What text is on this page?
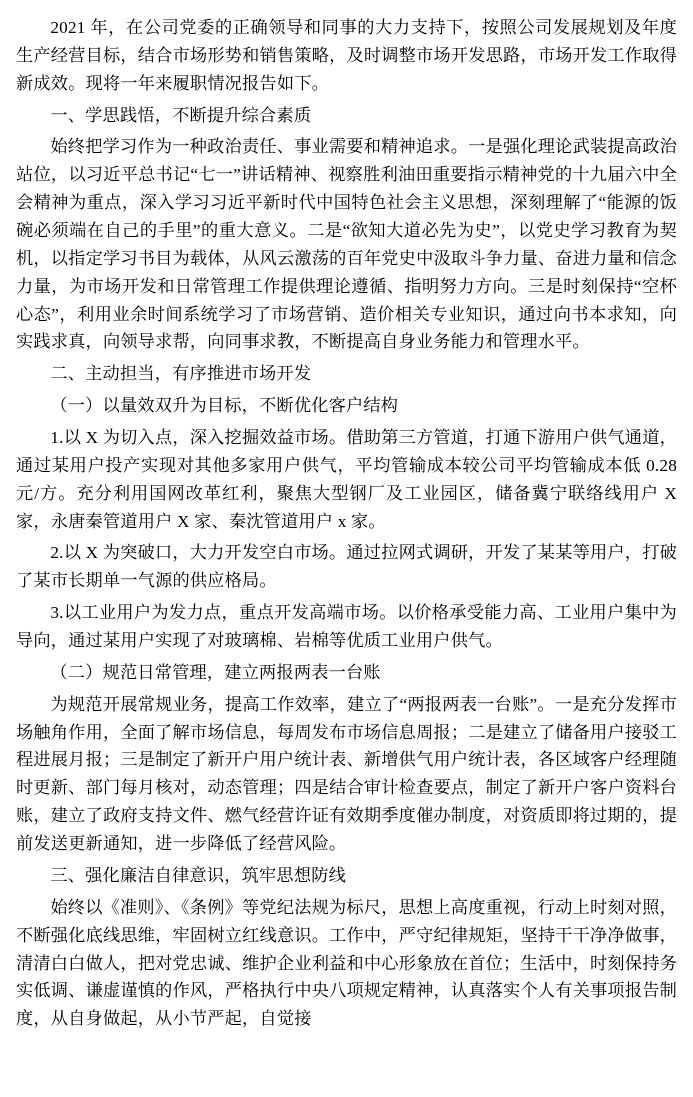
2021 年，在公司党委的正确领导和同事的大力支持下，按照公司发展规划及年度生产经营目标，结合市场形势和销售策略，及时调整市场开发思路，市场开发工作取得新成效。现将一年来履职情况报告如下。

一、学思践悟，不断提升综合素质

始终把学习作为一种政治责任、事业需要和精神追求。一是强化理论武装提高政治站位，以习近平总书记“七一”讲话精神、视察胜利油田重要指示精神党的十九届六中全会精神为重点，深入学习习近平新时代中国特色社会主义思想，深刻理解了“能源的饭碗必须端在自己的手里”的重大意义。二是“欲知大道必先为史”，以党史学习教育为契机，以指定学习书目为载体，从风云激荡的百年党史中汲取斗争力量、奋进力量和信念力量，为市场开发和日常管理工作提供理论遵循、指明努力方向。三是时刻保持“空杯心态”，利用业余时间系统学习了市场营销、造价相关专业知识，通过向书本求知，向实践求真，向领导求帮，向同事求教，不断提高自身业务能力和管理水平。

二、主动担当，有序推进市场开发

（一）以量效双升为目标，不断优化客户结构

1.以 X 为切入点，深入挖掘效益市场。借助第三方管道，打通下游用户供气通道，通过某用户投产实现对其他多家用户供气，平均管输成本较公司平均管输成本低 0.28 元/方。充分利用国网改革红利，聚焦大型钢厂及工业园区，储备冀宁联络线用户 X 家，永唐秦管道用户 X 家、秦沈管道用户 x 家。

2.以 X 为突破口，大力开发空白市场。通过拉网式调研，开发了某某等用户，打破了某市长期单一气源的供应格局。

3.以工业用户为发力点，重点开发高端市场。以价格承受能力高、工业用户集中为导向，通过某用户实现了对玻璃棉、岩棉等优质工业用户供气。

（二）规范日常管理，建立两报两表一台账

为规范开展常规业务，提高工作效率，建立了“两报两表一台账”。一是充分发挥市场触角作用，全面了解市场信息，每周发布市场信息周报；二是建立了储备用户接驳工程进展月报；三是制定了新开户用户统计表、新增供气用户统计表，各区域客户经理随时更新、部门每月核对，动态管理；四是结合审计检查要点，制定了新开户客户资料台账，建立了政府支持文件、燃气经营许证有效期季度催办制度，对资质即将过期的，提前发送更新通知，进一步降低了经营风险。

三、强化廉洁自律意识，筑牢思想防线

始终以《准则》、《条例》等党纪法规为标尺，思想上高度重视，行动上时刻对照，不断强化底线思维，牢固树立红线意识。工作中，严守纪律规矩，坚持干干净净做事，清清白白做人，把对党忠诚、维护企业利益和中心形象放在首位；生活中，时刻保持务实低调、谦虚谨慎的作风，严格执行中央八项规定精神，认真落实个人有关事项报告制度，从自身做起，从小节严起，自觉接
